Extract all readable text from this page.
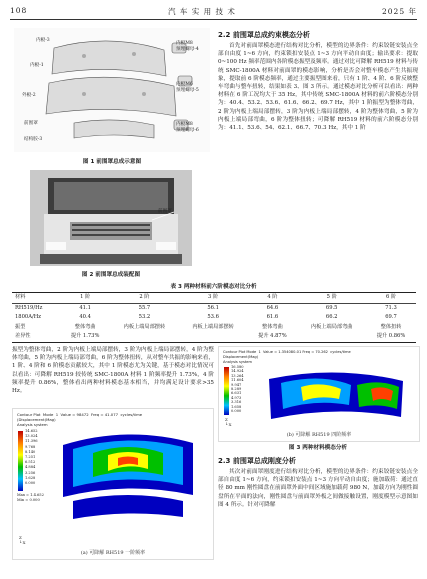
108	汽 车 实 用 技 术	2025 年
内板-3
内板-1
外板-2
前围罩
结构胶-3
内板M8
预埋螺母-4
内板M6
预埋螺母-5
内板M8
预埋螺母-6
图 1 前围罩总成示意图
前围罩
图 2 前围罩总成装配图
2.2 前围罩总成约束模态分析
首先对前面罩模态进行结构对比分析，模型的边界条件：约束铰链安装点全部自由度 1~6 方向，约束锁扣安装点 1~3 方向平动自由度；输出要求：提取 0~100 Hz 频率范围内各阶模态振型及频率。通过对比可降解 RH519 材料与传统 SMC-1800A 材料对前面罩的模态影响，分析是否会对整车模态产生共振现象，提取前 6 阶模态频率，通过主要振型图来看，只有 1 阶、4 阶、6 阶反映整车弯曲与整车扭转，结果如表 3、图 3 所示。通过模态对比分析可以看出：两种材料在 6 阶工况均大于 35 Hz，其中传统 SMC-1800A 材料的前六阶模态分别为：40.4、53.2、53.6、61.6、66.2、69.7 Hz，其中 1 阶振型为整体弯曲，2 阶为内板上端局部摆转，3 阶为内板上端局部摆转，4 阶为整体弯曲，5 阶为内板上端局部弯曲，6 阶为整体扭转；可降解 RH519 材料的前六阶模态分别为：41.1、53.6、54、62.1、66.7、70.3 Hz，其中 1 阶
表 3 两种材料前六阶模态对比分析
材料	1 阶	2 阶	3 阶	4 阶	5 阶	6 阶
RH519/Hz	41.1	55.7	56.1	64.6	69.5	71.3
1800A/Hz	40.4	53.2	53.6	61.6	66.2	69.7
振型	整体弯曲	内板上端局部摆转	内板上端局部摆转	整体弯曲	内板上端局部弯曲	整体扭转
差异性	提升 1.73%			提升 4.87%		提升 0.86%
振型为整体弯曲，2 阶为内板上端局部摆转，3 阶为内板上端局部摆转，4 阶为整体弯曲，5 阶为内板上端局部弯曲，6 阶为整体扭转，从对整车共振的影响来看，1 阶、4 阶和 6 阶模态贡献较大，其中 1 阶模态尤为关键，基于模态对比情况可以看出：可降解 RH519 较传统 SMC-1800A 材料 1 阶频率提升 1.73%，4 阶频率提升 0.86%，整体看出两种材料模态基本相当，并均满足设计要求>35 Hz。
Contour Plot  Mode  1  Value = 98472  Freq = 41.077  cycles/time
(Displacement(Mag)
Analysis system
14.652
13.024
11.396
9.768
8.140
7.251
6.512
4.884
3.256
1.628
0.000
Max = 1.4.652
Min = 0.000
Z
└ X
(a) 可降解 RH519 一阶频率
Contour Plot Mode  1  Value = 1.354080-01 Freq = 70.262  cycles/time
Displacement(Mag)
Analysis system
16.580
14.924
13.264
11.604
9.947
8.289
6.631
4.973
3.316
1.658
0.000
Z
└ X
(b) 可降解 RH519 四阶频率
图 3 两种材料模态分析
2.3 前围罩总成刚度分析
其次对前面罩刚度进行结构对比分析，模型的边界条件：约束铰链安装点全部自由度 1~6 方向，约束锁扣安装点 1~3 方向平动自由度；施加载荷：通过直径 80 mm 刚性圆盘在前面罩外面中间区域施加载荷 980 N，加载方向为刚性圆盘所在平面的法向，刚性圆盘与前面罩外板之间做接触设置，刚度模型示意图如图 4 所示。针对可降解
